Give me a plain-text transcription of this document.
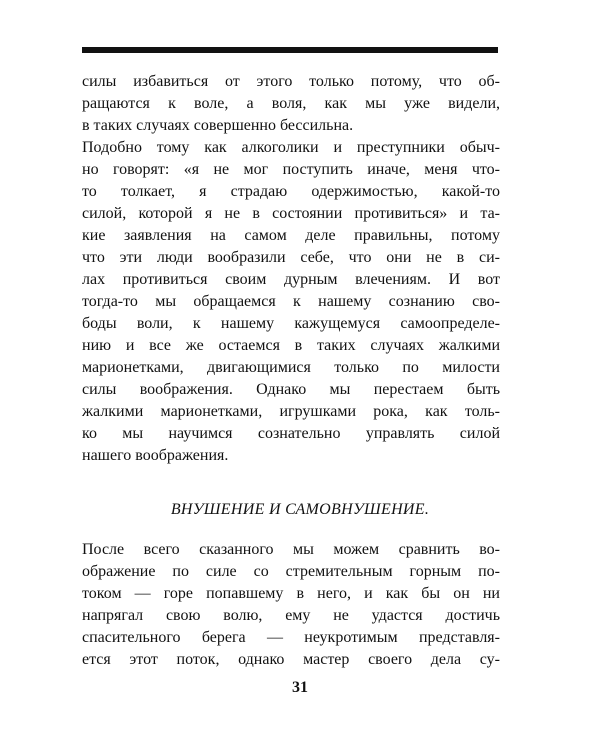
силы избавиться от этого только потому, что об-
ращаются к воле, а воля, как мы уже видели,
в таких случаях совершенно бессильна.
Подобно тому как алкоголики и преступники обыч-
но говорят: «я не мог поступить иначе, меня что-
то толкает, я страдаю одержимостью, какой-то
силой, которой я не в состоянии противиться» и та-
кие заявления на самом деле правильны, потому
что эти люди вообразили себе, что они не в си-
лах противиться своим дурным влечениям. И вот
тогда-то мы обращаемся к нашему сознанию сво-
боды воли, к нашему кажущемуся самоопределе-
нию и все же остаемся в таких случаях жалкими
марионетками, двигающимися только по милости
силы воображения. Однако мы перестаем быть
жалкими марионетками, игрушками рока, как толь-
ко мы научимся сознательно управлять силой
нашего воображения.
ВНУШЕНИЕ И САМОВНУШЕНИЕ.
После всего сказанного мы можем сравнить во-
ображение по силе со стремительным горным по-
током — горе попавшему в него, и как бы он ни
напрягал свою волю, ему не удастся достичь
спасительного берега — неукротимым представля-
ется этот поток, однако мастер своего дела су-
31
